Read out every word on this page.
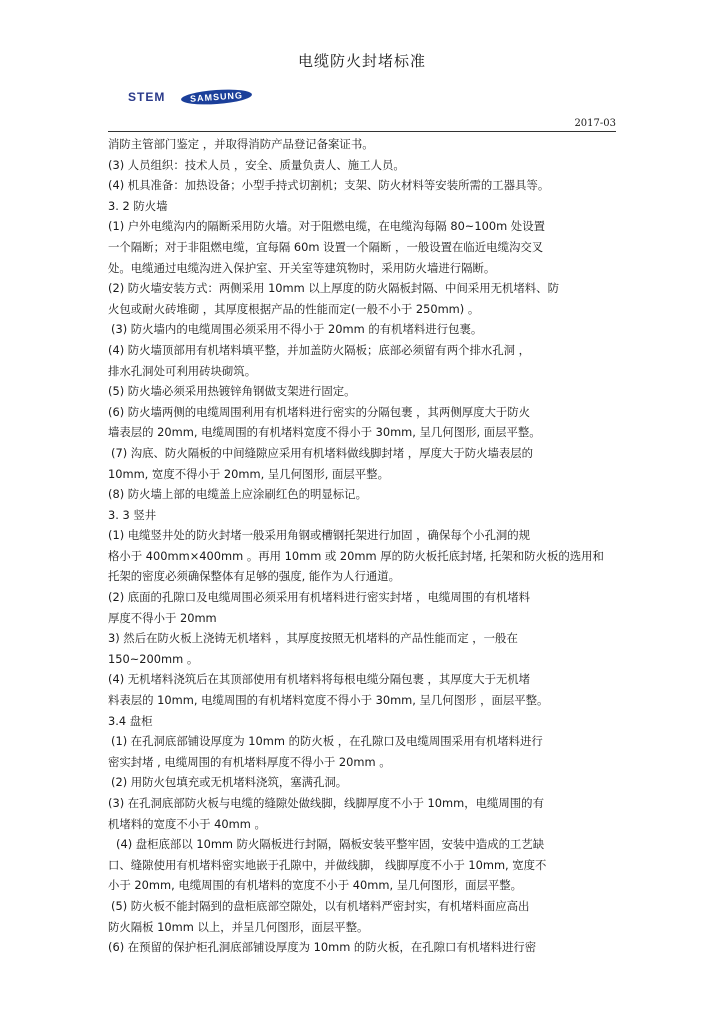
电缆防火封堵标准
STEM	SAMSUNG
2017-03
消防主管部门鉴定 ，并取得消防产品登记备案证书。
(3) 人员组织：技术人员 ，安全、质量负责人、施工人员。
(4) 机具准备：加热设备；小型手持式切割机；支架、防火材料等安装所需的工器具等。
3. 2 防火墙
(1) 户外电缆沟内的隔断采用防火墙。对于阻燃电缆，在电缆沟每隔 80~100m 处设置
一个隔断；对于非阻燃电缆，宜每隔 60m 设置一个隔断 ，一般设置在临近电缆沟交叉
处。电缆通过电缆沟进入保护室、开关室等建筑物时，采用防火墙进行隔断。
(2) 防火墙安装方式：两侧采用 10mm 以上厚度的防火隔板封隔、中间采用无机堵料、防
火包或耐火砖堆砌 ，其厚度根据产品的性能而定(一般不小于 250mm) 。
(3) 防火墙内的电缆周围必须采用不得小于 20mm 的有机堵料进行包裹。
(4) 防火墙顶部用有机堵料填平整，并加盖防火隔板；底部必须留有两个排水孔洞 ，
排水孔洞处可利用砖块砌筑。
(5) 防火墙必须采用热镀锌角钢做支架进行固定。
(6) 防火墙两侧的电缆周围利用有机堵料进行密实的分隔包裹 ，其两侧厚度大于防火
墙表层的 20mm, 电缆周围的有机堵料宽度不得小于 30mm, 呈几何图形, 面层平整。
(7) 沟底、防火隔板的中间缝隙应采用有机堵料做线脚封堵 ，厚度大于防火墙表层的
10mm, 宽度不得小于 20mm, 呈几何图形, 面层平整。
(8) 防火墙上部的电缆盖上应涂刷红色的明显标记。
3. 3 竖井
(1) 电缆竖井处的防火封堵一般采用角钢或槽钢托架进行加固 ，确保每个小孔洞的规
格小于 400mm×400mm 。再用 10mm 或 20mm 厚的防火板托底封堵, 托架和防火板的选用和
托架的密度必须确保整体有足够的强度, 能作为人行通道。
(2) 底面的孔隙口及电缆周围必须采用有机堵料进行密实封堵 ，电缆周围的有机堵料
厚度不得小于 20mm
3) 然后在防火板上浇铸无机堵料 ，其厚度按照无机堵料的产品性能而定 ，一般在
150~200mm 。
(4) 无机堵料浇筑后在其顶部使用有机堵料将每根电缆分隔包裹 ，其厚度大于无机堵
料表层的 10mm, 电缆周围的有机堵料宽度不得小于 30mm, 呈几何图形 ，面层平整。
3.4 盘柜
(1) 在孔洞底部铺设厚度为 10mm 的防火板 ，在孔隙口及电缆周围采用有机堵料进行
密实封堵 , 电缆周围的有机堵料厚度不得小于 20mm 。
(2) 用防火包填充或无机堵料浇筑，塞满孔洞。
(3) 在孔洞底部防火板与电缆的缝隙处做线脚，线脚厚度不小于 10mm，电缆周围的有
机堵料的宽度不小于 40mm 。
(4) 盘柜底部以 10mm 防火隔板进行封隔，隔板安装平整牢固，安装中造成的工艺缺
口、缝隙使用有机堵料密实地嵌于孔隙中，并做线脚， 线脚厚度不小于 10mm, 宽度不
小于 20mm, 电缆周围的有机堵料的宽度不小于 40mm, 呈几何图形，面层平整。
(5) 防火板不能封隔到的盘柜底部空隙处，以有机堵料严密封实，有机堵料面应高出
防火隔板 10mm 以上，并呈几何图形，面层平整。
(6) 在预留的保护柜孔洞底部铺设厚度为 10mm 的防火板，在孔隙口有机堵料进行密
